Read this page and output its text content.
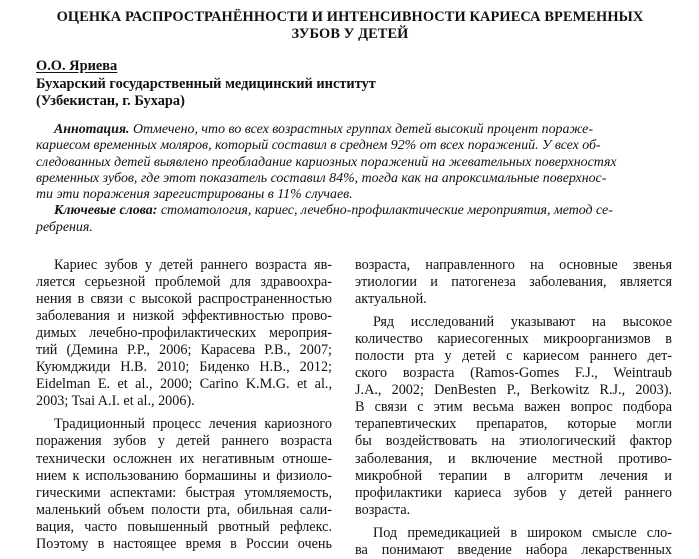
ОЦЕНКА РАСПРОСТРАНЁННОСТИ И ИНТЕНСИВНОСТИ КАРИЕСА ВРЕМЕННЫХ
ЗУБОВ У ДЕТЕЙ
О.О. Яриева
Бухарский государственный медицинский институт
(Узбекистан, г. Бухара)
Аннотация. Отмечено, что во всех возрастных группах детей высокий процент пораже-
кариесом временных моляров, который составил в среднем 92% от всех поражений. У всех об-
следованных детей выявлено преобладание кариозных поражений на жевательных поверхностях
временных зубов, где этот показатель составил 84%, тогда как на апроксимальные поверхнос-
ти эти поражения зарегистрированы в 11% случаев.
Ключевые слова: стоматология, кариес, лечебно-профилактические мероприятия, метод се-
ребрения.
Кариес зубов у детей раннего возраста яв-
ляется серьезной проблемой для здравоохра-
нения в связи с высокой распространенностью
заболевания и низкой эффективностью прово-
димых лечебно-профилактических мероприя-
тий (Демина Р.Р., 2006; Карасева Р.В., 2007;
Куюмджиди Н.В. 2010; Биденко Н.В., 2012;
Eidelman E. et al., 2000; Carino K.M.G. et al.,
2003; Tsai A.I. et al., 2006).
Традиционный процесс лечения кариозного
поражения зубов у детей раннего возраста
технически осложнен их негативным отноше-
нием к использованию бормашины и физиоло-
гическими аспектами: быстрая утомляемость,
маленький объем полости рта, обильная сали-
вация, часто повышенный рвотный рефлекс.
Поэтому в настоящее время в России очень
возраста, направленного на основные звенья
этиологии и патогенеза заболевания, является
актуальной.
Ряд исследований указывают на высокое
количество кариесогенных микроорганизмов в
полости рта у детей с кариесом раннего дет-
ского возраста (Ramos-Gomes F.J., Weintraub
J.A., 2002; DenBesten P., Berkowitz R.J., 2003).
В связи с этим весьма важен вопрос подбора
терапевтических препаратов, которые могли
бы воздействовать на этиологический фактор
заболевания, и включение местной противо-
микробной терапии в алгоритм лечения и
профилактики кариеса зубов у детей раннего
возраста.
Под премедикацией в широком смысле сло-
ва понимают введение набора лекарственных
